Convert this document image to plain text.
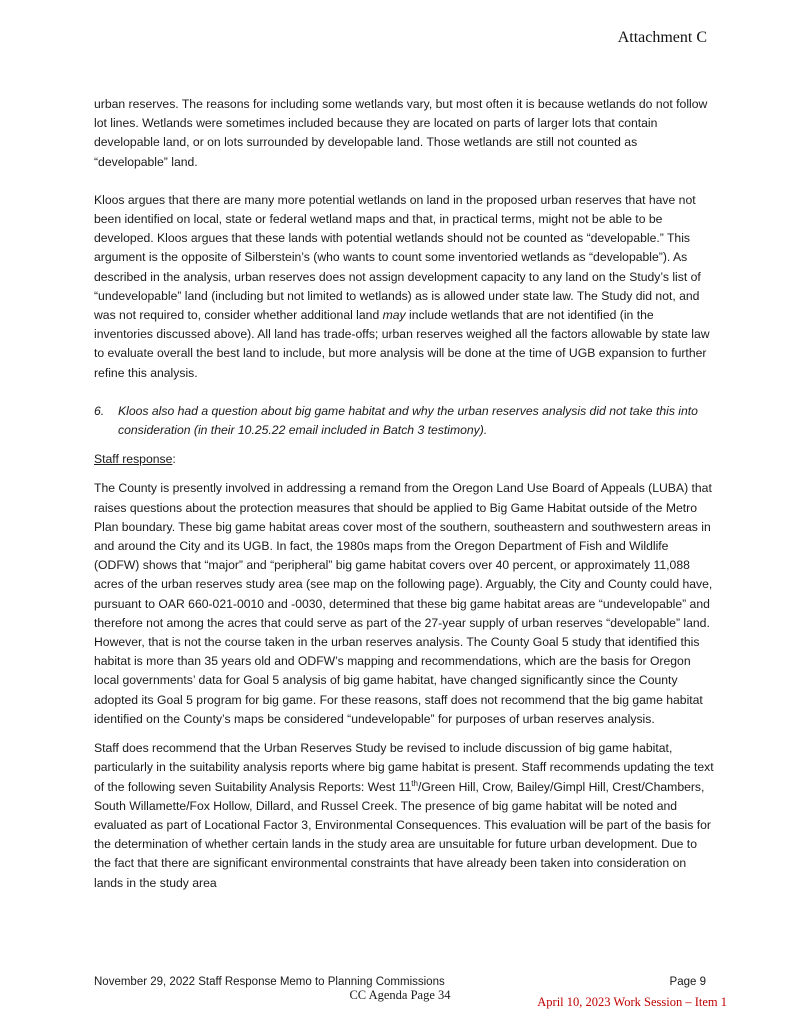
Attachment C

urban reserves. The reasons for including some wetlands vary, but most often it is because wetlands do not follow lot lines. Wetlands were sometimes included because they are located on parts of larger lots that contain developable land, or on lots surrounded by developable land. Those wetlands are still not counted as “developable” land.

Kloos argues that there are many more potential wetlands on land in the proposed urban reserves that have not been identified on local, state or federal wetland maps and that, in practical terms, might not be able to be developed. Kloos argues that these lands with potential wetlands should not be counted as “developable.” This argument is the opposite of Silberstein’s (who wants to count some inventoried wetlands as “developable”). As described in the analysis, urban reserves does not assign development capacity to any land on the Study’s list of “undevelopable” land (including but not limited to wetlands) as is allowed under state law. The Study did not, and was not required to, consider whether additional land may include wetlands that are not identified (in the inventories discussed above). All land has trade-offs; urban reserves weighed all the factors allowable by state law to evaluate overall the best land to include, but more analysis will be done at the time of UGB expansion to further refine this analysis.

6.	Kloos also had a question about big game habitat and why the urban reserves analysis did not take this into consideration (in their 10.25.22 email included in Batch 3 testimony).

Staff response:

The County is presently involved in addressing a remand from the Oregon Land Use Board of Appeals (LUBA) that raises questions about the protection measures that should be applied to Big Game Habitat outside of the Metro Plan boundary. These big game habitat areas cover most of the southern, southeastern and southwestern areas in and around the City and its UGB. In fact, the 1980s maps from the Oregon Department of Fish and Wildlife (ODFW) shows that “major” and “peripheral” big game habitat covers over 40 percent, or approximately 11,088 acres of the urban reserves study area (see map on the following page). Arguably, the City and County could have, pursuant to OAR 660-021-0010 and -0030, determined that these big game habitat areas are “undevelopable” and therefore not among the acres that could serve as part of the 27-year supply of urban reserves “developable” land. However, that is not the course taken in the urban reserves analysis. The County Goal 5 study that identified this habitat is more than 35 years old and ODFW’s mapping and recommendations, which are the basis for Oregon local governments’ data for Goal 5 analysis of big game habitat, have changed significantly since the County adopted its Goal 5 program for big game. For these reasons, staff does not recommend that the big game habitat identified on the County’s maps be considered “undevelopable” for purposes of urban reserves analysis.

Staff does recommend that the Urban Reserves Study be revised to include discussion of big game habitat, particularly in the suitability analysis reports where big game habitat is present. Staff recommends updating the text of the following seven Suitability Analysis Reports: West 11th/Green Hill, Crow, Bailey/Gimpl Hill, Crest/Chambers, South Willamette/Fox Hollow, Dillard, and Russel Creek. The presence of big game habitat will be noted and evaluated as part of Locational Factor 3, Environmental Consequences. This evaluation will be part of the basis for the determination of whether certain lands in the study area are unsuitable for future urban development. Due to the fact that there are significant environmental constraints that have already been taken into consideration on lands in the study area

November 29, 2022 Staff Response Memo to Planning Commissions	Page 9
CC Agenda Page 34	April 10, 2023 Work Session – Item 1
